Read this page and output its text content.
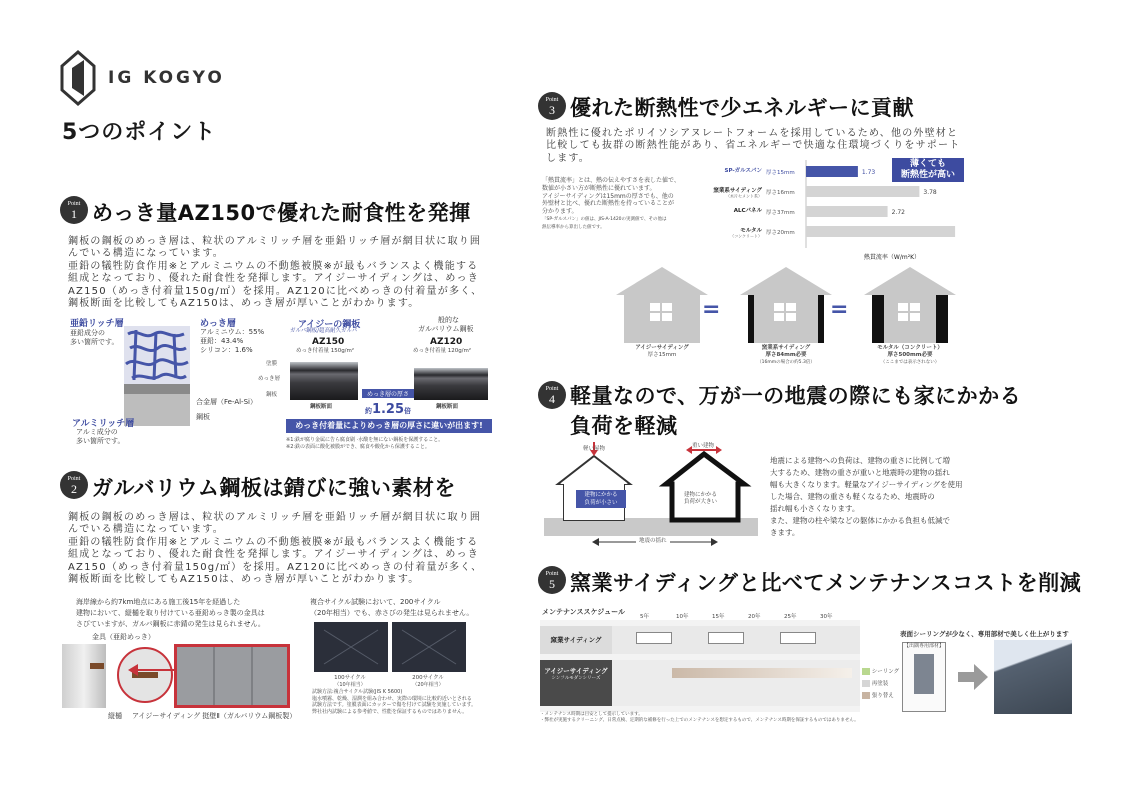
IG KOGYO
5つのポイント
Point
1 めっき量AZ150で優れた耐食性を発揮
鋼板の鋼板のめっき層は、粒状のアルミリッチ層を亜鉛リッチ層が網目状に取り囲
んでいる構造になっています。
亜鉛の犠牲防食作用※とアルミニウムの不動態被膜※が最もバランスよく機能する
組成となっており、優れた耐食性を発揮します。アイジーサイディングは、めっき
AZ150（めっき付着量150g/㎡）を採用。AZ120に比べめっきの付着量が多く、
鋼板断面を比較してもAZ150は、めっき層が厚いことがわかります。
亜鉛リッチ層
亜鉛成分の
多い箇所です。
めっき層
アルミニウム：55%
亜鉛：43.4%
シリコン：1.6%
合金層（Fe-Al-Si）
鋼板
アルミリッチ層
アルミ成分の
多い箇所です。
アイジーの鋼板
ガルバ鋼板/超高耐久ガルバ
AZ150
めっき付着量 150g/m²
般的な
ガルバリウム鋼板
AZ120
めっき付着量 120g/m²
塗膜
めっき層
鋼板
鋼板断面	鋼板断面
めっき層の厚さ
約1.25倍
めっき付着量によりめっき層の厚さに違いが出ます!
※1:鉄が腐り金属に告ら腐食刷 ·水酸を無にない鋼板を保護すること。
※2:鉄の表面に酸化被膜ができ、腐食や酸化から保護すること。
Point
2 ガルバリウム鋼板は錆びに強い素材を
鋼板の鋼板のめっき層は、粒状のアルミリッチ層を亜鉛リッチ層が網目状に取り囲
んでいる構造になっています。
亜鉛の犠牲防食作用※とアルミニウムの不動態被膜※が最もバランスよく機能する
組成となっており、優れた耐食性を発揮します。アイジーサイディングは、めっき
AZ150（めっき付着量150g/㎡）を採用。AZ120に比べめっきの付着量が多く、
鋼板断面を比較してもAZ150は、めっき層が厚いことがわかります。
海岸線から約7km地点にある施工後15年を経過した
建物において、縦樋を取り付けている亜鉛めっき製の金具は
さびていますが、ガルバ鋼板に赤錆の発生は見られません。
金具（亜鉛めっき）
縦樋 アイジーサイディング 挺壁Ⅱ（ガルバリウム鋼板製）
複合サイクル試験において、200サイクル
（20年相当）でも、赤さびの発生は見られません。
100サイクル
（10年相当）
200サイクル
（20年相当）
試験方法:複合サイクル試験(JIS K 5600)
塩水噴霧、乾燥、湿潤を組み合わせ、実際の環境に比較的近いとされる
試験方法です。塗膜表面にカッターで傷を付けて試験を実施しています。
弊社社内試験による参考値で、性能を保証するものではありません。
Point
3 優れた断熱性で少エネルギーに貢献
断熱性に優れたポリイソシアヌレートフォームを採用しているため、他の外壁材と
比較しても抜群の断熱性能があり、省エネルギーで快適な住環境づくりをサポート
します。
「熱貫流率」とは、熱の伝えやすさを表した値で、
数値が小さい方が断熱性に優れています。
アイジーサイディングは15mmの厚さでも、他の
外壁材と比べ、優れた断熱性を持っていることが
分かります。
「SP-ガルスパン」の値は、JIS-A-1420の実測値で、その他は
熱伝導率から算出した値です。
SP-ガルスパン 厚さ15mm	1.73
窯業系サイディング
（木片セメント系） 厚さ16mm	3.78
ALCパネル 厚さ37mm	2.72
モルタル
（コンクリート） 厚さ20mm
熱貫流率（W/m²K）
薄くても
断熱性が高い
=	=
アイジーサイディング
厚さ15mm
窯業系サイディング
厚さ84mm必要
（16mmの場合の約5.3倍）
モルタル（コンクリート）
厚さ500mm必要
（ここまでは表示されない）
Point
4 軽量なので、万が一の地震の際にも家にかかる
負荷を軽減
軽い屋物	重い建物
建物にかかる
負荷が小さい
建物にかかる
負荷が大きい
地震の揺れ
地震による建物への負荷は、建物の重さに比例して増
大するため、建物の重さが重いと地震時の建物の揺れ
幅も大きくなります。軽量なアイジーサイディングを使用
した場合、建物の重さも軽くなるため、地震時の
揺れ幅も小さくなります。
また、建物の柱や梁などの躯体にかかる負担も低減で
きます。
Point
5 窯業サイディングと比べてメンテナンスコストを削減
メンテナンススケジュール
5年	10年	15年	20年	25年	30年
窯業サイディング
アイジーサイディング
シンフルモダンシリーズ
シーリング
再塗装
張り替え
・メンテナンス時期は目安として提示しています。
・弊社が実施するクリーニング、日常点検、定期的な補修を行った上でのメンテナンスを想定するもので、メンテナンス時期を保証するものではありません。
表面シーリングが少なく、専用部材で美しく仕上がります
【出隅専用部材】
